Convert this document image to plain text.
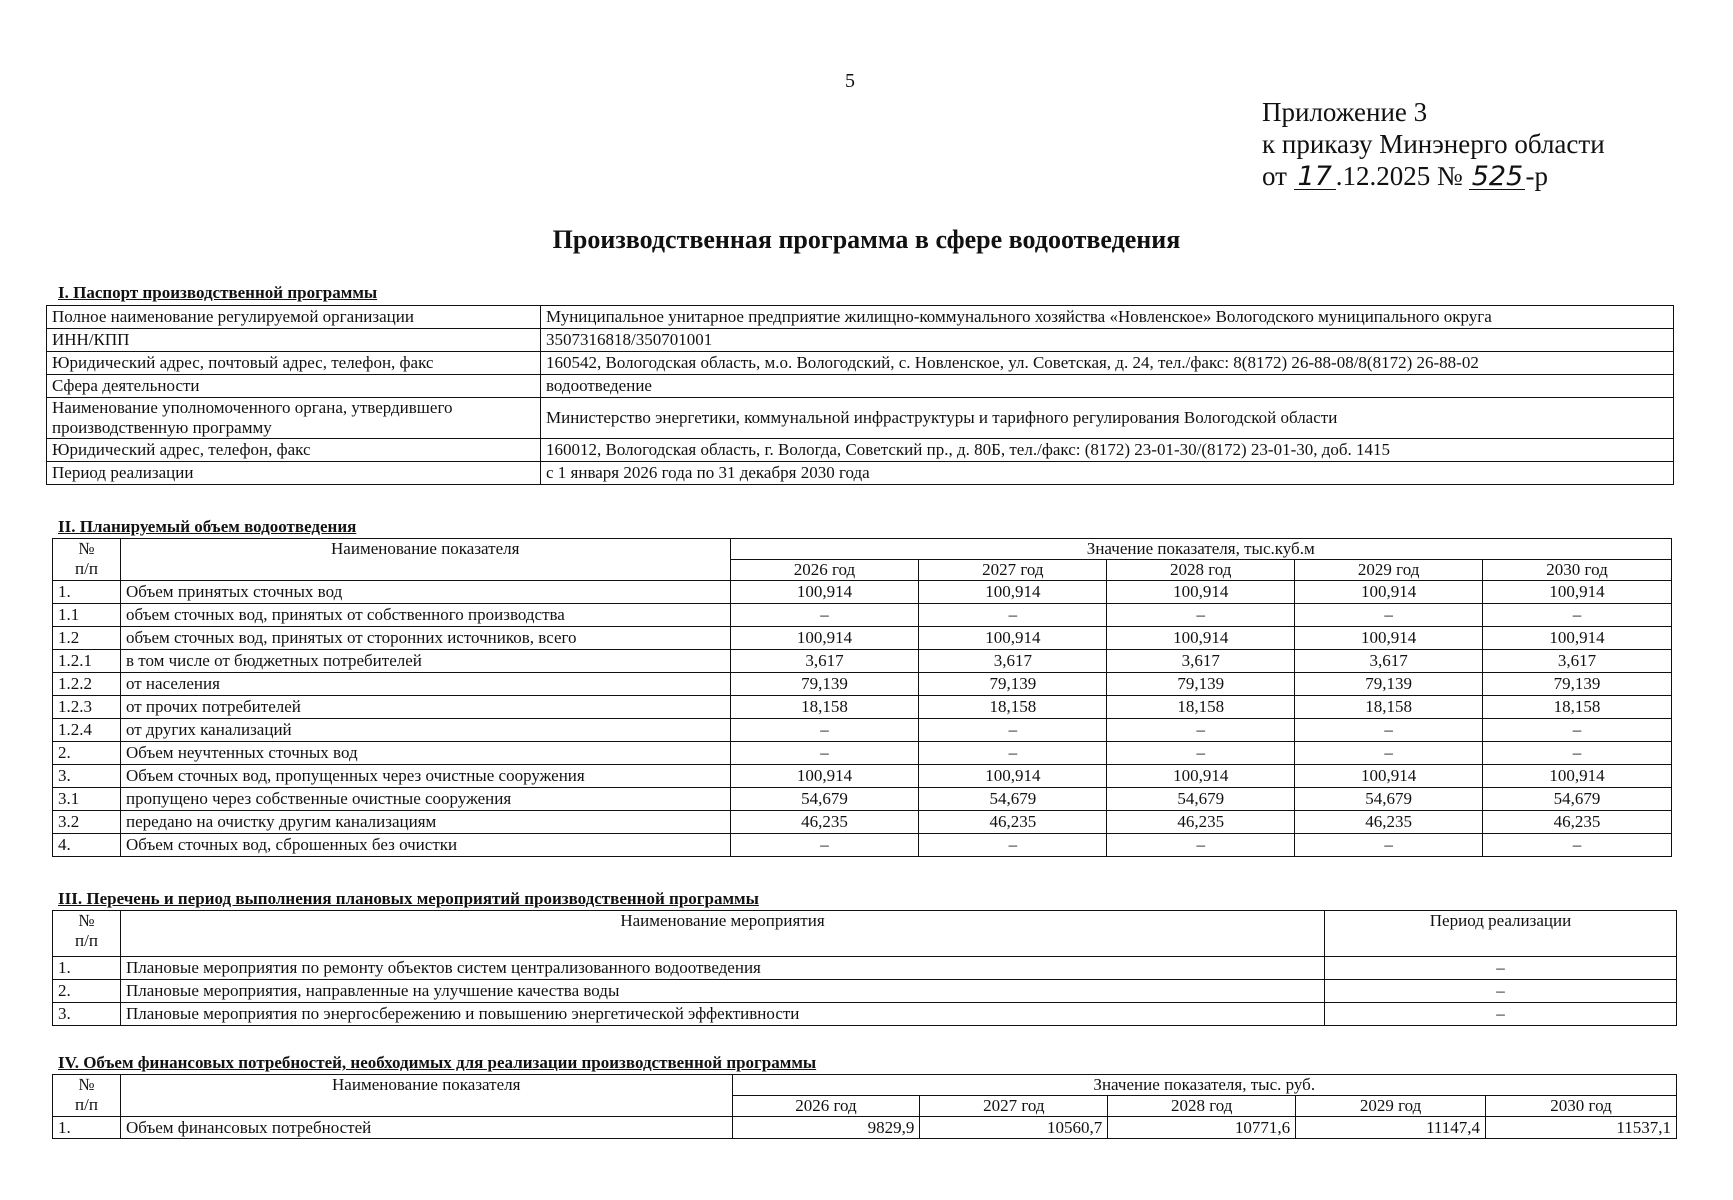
5
Приложение 3
к приказу Минэнерго области
от 17 .12.2025 № 525-р
Производственная программа в сфере водоотведения
I. Паспорт производственной программы
Полное наименование регулируемой организации	Муниципальное унитарное предприятие жилищно-коммунального хозяйства «Новленское» Вологодского муниципального округа
ИНН/КПП	3507316818/350701001
Юридический адрес, почтовый адрес, телефон, факс	160542, Вологодская область, м.о. Вологодский, с. Новленское, ул. Советская, д. 24, тел./факс: 8(8172) 26-88-08/8(8172) 26-88-02
Сфера деятельности	водоотведение
Наименование уполномоченного органа, утвердившего производственную программу	Министерство энергетики, коммунальной инфраструктуры и тарифного регулирования Вологодской области
Юридический адрес, телефон, факс	160012, Вологодская область, г. Вологда, Советский пр., д. 80Б, тел./факс: (8172) 23-01-30/(8172) 23-01-30, доб. 1415
Период реализации	с 1 января 2026 года по 31 декабря 2030 года
II. Планируемый объем водоотведения
№
п/п	Наименование показателя	Значение показателя, тыс.куб.м				
		2026 год	2027 год	2028 год	2029 год	2030 год
1.	Объем принятых сточных вод	100,914	100,914	100,914	100,914	100,914
1.1	объем сточных вод, принятых от собственного производства	–	–	–	–	–
1.2	объем сточных вод, принятых от сторонних источников, всего	100,914	100,914	100,914	100,914	100,914
1.2.1	в том числе от бюджетных потребителей	3,617	3,617	3,617	3,617	3,617
1.2.2	от населения	79,139	79,139	79,139	79,139	79,139
1.2.3	от прочих потребителей	18,158	18,158	18,158	18,158	18,158
1.2.4	от других канализаций	–	–	–	–	–
2.	Объем неучтенных сточных вод	–	–	–	–	–
3.	Объем сточных вод, пропущенных через очистные сооружения	100,914	100,914	100,914	100,914	100,914
3.1	пропущено через собственные очистные сооружения	54,679	54,679	54,679	54,679	54,679
3.2	передано на очистку другим канализациям	46,235	46,235	46,235	46,235	46,235
4.	Объем сточных вод, сброшенных без очистки	–	–	–	–	–
III. Перечень и период выполнения плановых мероприятий производственной программы
№
п/п	Наименование мероприятия	Период реализации
1.	Плановые мероприятия по ремонту объектов систем централизованного водоотведения	–
2.	Плановые мероприятия, направленные на улучшение качества воды	–
3.	Плановые мероприятия по энергосбережению и повышению энергетической эффективности	–
IV. Объем финансовых потребностей, необходимых для реализации производственной программы
№
п/п	Наименование показателя	Значение показателя, тыс. руб.				
		2026 год	2027 год	2028 год	2029 год	2030 год
1.	Объем финансовых потребностей	9829,9	10560,7	10771,6	11147,4	11537,1
